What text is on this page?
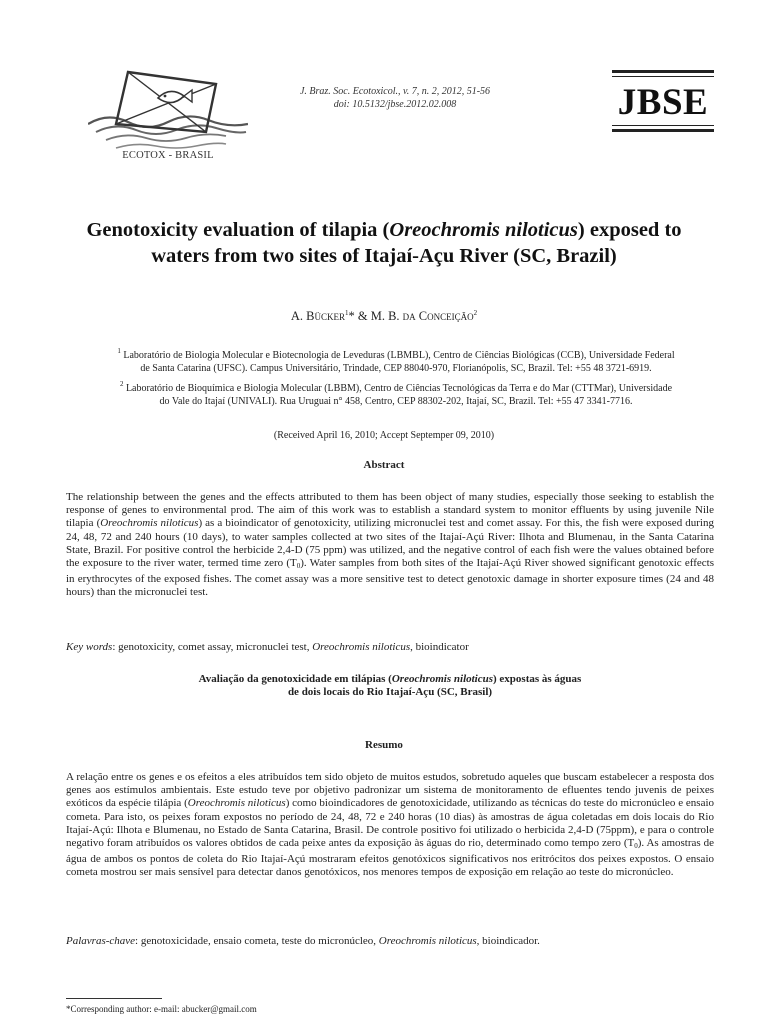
ECOTOX - BRASIL
J. Braz. Soc. Ecotoxicol., v. 7, n. 2, 2012, 51-56
doi: 10.5132/jbse.2012.02.008	JBSE
Genotoxicity evaluation of tilapia (Oreochromis niloticus) exposed to
waters from two sites of Itajaí-Açu River (SC, Brazil)
A. Bücker$^1$* & M. B. da Conceição$^2$
$^1$ Laboratório de Biologia Molecular e Biotecnologia de Leveduras (LBMBL), Centro de Ciências Biológicas (CCB), Universidade Federal
de Santa Catarina (UFSC). Campus Universitário, Trindade, CEP 88040-970, Florianópolis, SC, Brazil. Tel: +55 48 3721-6919.
$^2$ Laboratório de Bioquímica e Biologia Molecular (LBBM), Centro de Ciências Tecnológicas da Terra e do Mar (CTTMar), Universidade
do Vale do Itajaí (UNIVALI). Rua Uruguai n° 458, Centro, CEP 88302-202, Itajaí, SC, Brazil. Tel: +55 47 3341-7716.
(Received April 16, 2010; Accept Septemper 09, 2010)
Abstract
The relationship between the genes and the effects attributed to them has been object of many studies, especially those seeking to establish the response of genes to environmental prod. The aim of this work was to establish a standard system to monitor effluents by using juvenile Nile tilapia (Oreochromis niloticus) as a bioindicator of genotoxicity, utilizing micronuclei test and comet assay. For this, the fish were exposed during 24, 48, 72 and 240 hours (10 days), to water samples collected at two sites of the Itajaí-Açú River: Ilhota and Blumenau, in the Santa Catarina State, Brazil. For positive control the herbicide 2,4-D (75 ppm) was utilized, and the negative control of each fish were the values obtained before the exposure to the river water, termed time zero $(T_0)$. Water samples from both sites of the Itajaí-Açú River showed significant genotoxic effects in erythrocytes of the exposed fishes. The comet assay was a more sensitive test to detect genotoxic damage in shorter exposure times (24 and 48 hours) than the micronuclei test.
Key words: genotoxicity, comet assay, micronuclei test, Oreochromis niloticus, bioindicator
Avaliação da genotoxicidade em tilápias (Oreochromis niloticus) expostas às águas
de dois locais do Rio Itajaí-Açu (SC, Brasil)
Resumo
A relação entre os genes e os efeitos a eles atribuídos tem sido objeto de muitos estudos, sobretudo aqueles que buscam estabelecer a resposta dos genes aos estímulos ambientais. Este estudo teve por objetivo padronizar um sistema de monitoramento de efluentes tendo juvenis de peixes exóticos da espécie tilápia (Oreochromis niloticus) como bioindicadores de genotoxicidade, utilizando as técnicas do teste do micronúcleo e ensaio cometa. Para isto, os peixes foram expostos no período de 24, 48, 72 e 240 horas (10 dias) às amostras de água coletadas em dois locais do Rio Itajaí-Açú: Ilhota e Blumenau, no Estado de Santa Catarina, Brasil. De controle positivo foi utilizado o herbicida 2,4-D (75ppm), e para o controle negativo foram atribuídos os valores obtidos de cada peixe antes da exposição às águas do rio, determinado como tempo zero $(T_0)$. As amostras de água de ambos os pontos de coleta do Rio Itajaí-Açú mostraram efeitos genotóxicos significativos nos eritrócitos dos peixes expostos. O ensaio cometa mostrou ser mais sensível para detectar danos genotóxicos, nos menores tempos de exposição em relação ao teste do micronúcleo.
Palavras-chave: genotoxicidade, ensaio cometa, teste do micronúcleo, Oreochromis niloticus, bioindicador.
*Corresponding author: e-mail: abucker@gmail.com
